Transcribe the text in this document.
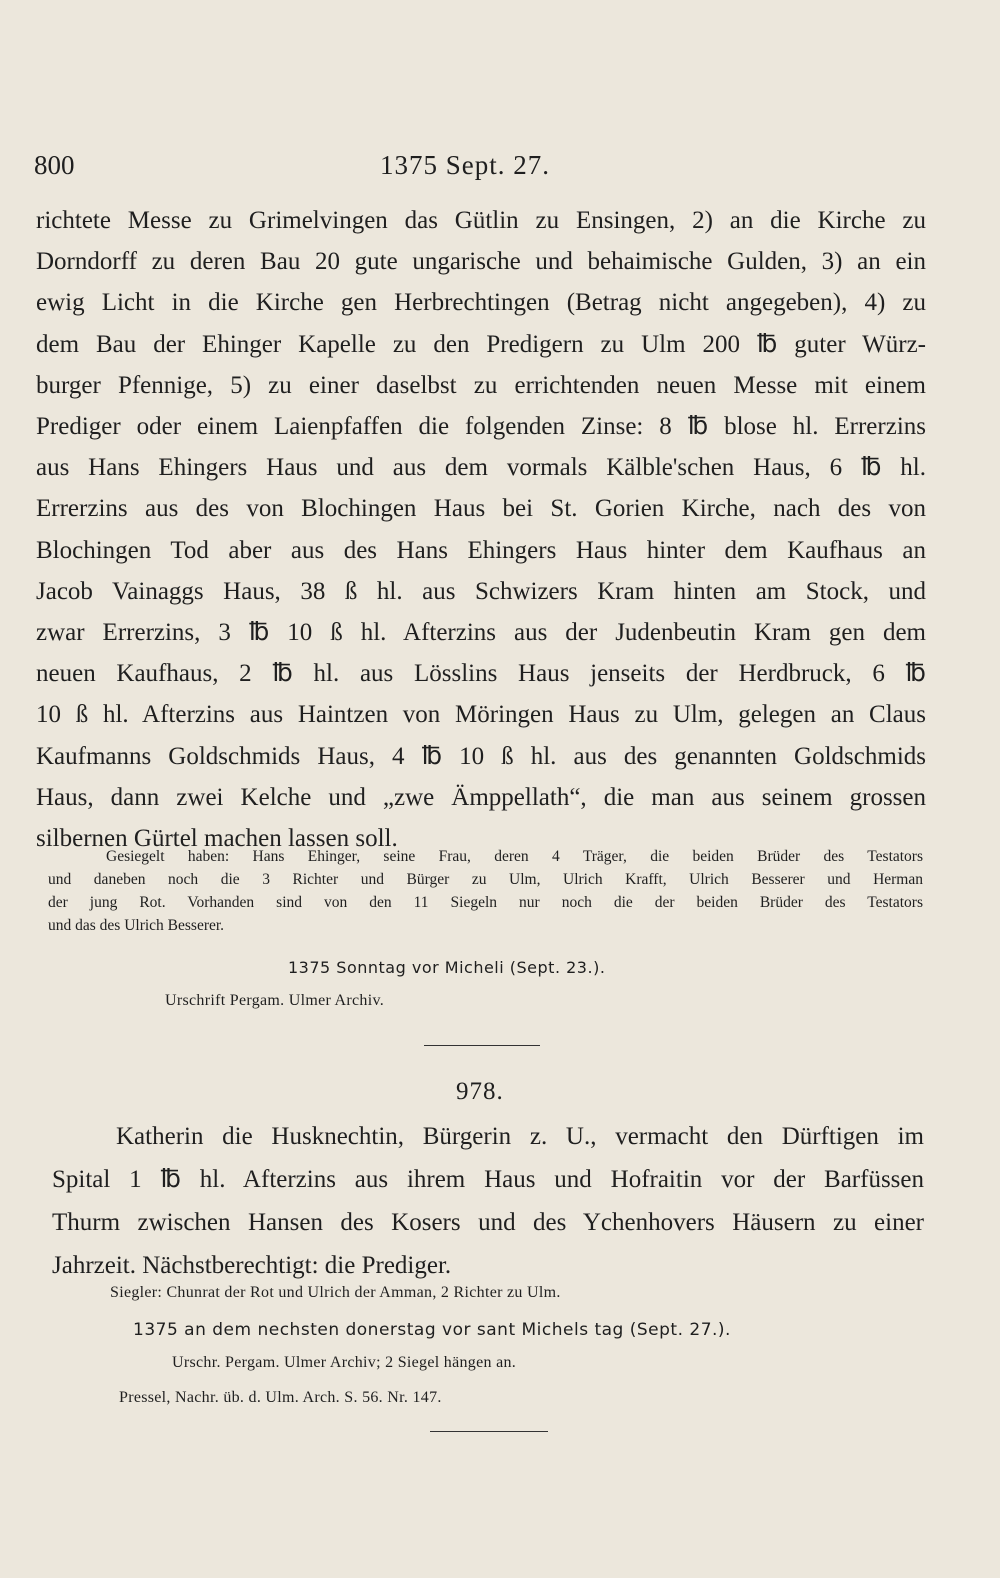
800	1375 Sept. 27.
richtete Messe zu Grimelvingen das Gütlin zu Ensingen, 2) an die Kirche zu
Dorndorff zu deren Bau 20 gute ungarische und behaimische Gulden, 3) an ein
ewig Licht in die Kirche gen Herbrechtingen (Betrag nicht angegeben), 4) zu
dem Bau der Ehinger Kapelle zu den Predigern zu Ulm 200 ℔ guter Würz-
burger Pfennige, 5) zu einer daselbst zu errichtenden neuen Messe mit einem
Prediger oder einem Laienpfaffen die folgenden Zinse: 8 ℔ blose hl. Errerzins
aus Hans Ehingers Haus und aus dem vormals Kälble'schen Haus, 6 ℔ hl.
Errerzins aus des von Blochingen Haus bei St. Gorien Kirche, nach des von
Blochingen Tod aber aus des Hans Ehingers Haus hinter dem Kaufhaus an
Jacob Vainaggs Haus, 38 ß hl. aus Schwizers Kram hinten am Stock, und
zwar Errerzins, 3 ℔ 10 ß hl. Afterzins aus der Judenbeutin Kram gen dem
neuen Kaufhaus, 2 ℔ hl. aus Lösslins Haus jenseits der Herdbruck, 6 ℔
10 ß hl. Afterzins aus Haintzen von Möringen Haus zu Ulm, gelegen an Claus
Kaufmanns Goldschmids Haus, 4 ℔ 10 ß hl. aus des genannten Goldschmids
Haus, dann zwei Kelche und „zwe Ämppellath“, die man aus seinem grossen
silbernen Gürtel machen lassen soll.
Gesiegelt haben: Hans Ehinger, seine Frau, deren 4 Träger, die beiden Brüder des Testators
und daneben noch die 3 Richter und Bürger zu Ulm, Ulrich Krafft, Ulrich Besserer und Herman
der jung Rot. Vorhanden sind von den 11 Siegeln nur noch die der beiden Brüder des Testators
und das des Ulrich Besserer.
1375 Sonntag vor Micheli (Sept. 23.).
Urschrift Pergam. Ulmer Archiv.
978.
Katherin die Husknechtin, Bürgerin z. U., vermacht den Dürftigen im
Spital 1 ℔ hl. Afterzins aus ihrem Haus und Hofraitin vor der Barfüssen
Thurm zwischen Hansen des Kosers und des Ychenhovers Häusern zu einer
Jahrzeit. Nächstberechtigt: die Prediger.
Siegler: Chunrat der Rot und Ulrich der Amman, 2 Richter zu Ulm.
1375 an dem nechsten donerstag vor sant Michels tag (Sept. 27.).
Urschr. Pergam. Ulmer Archiv; 2 Siegel hängen an.
Pressel, Nachr. üb. d. Ulm. Arch. S. 56. Nr. 147.
